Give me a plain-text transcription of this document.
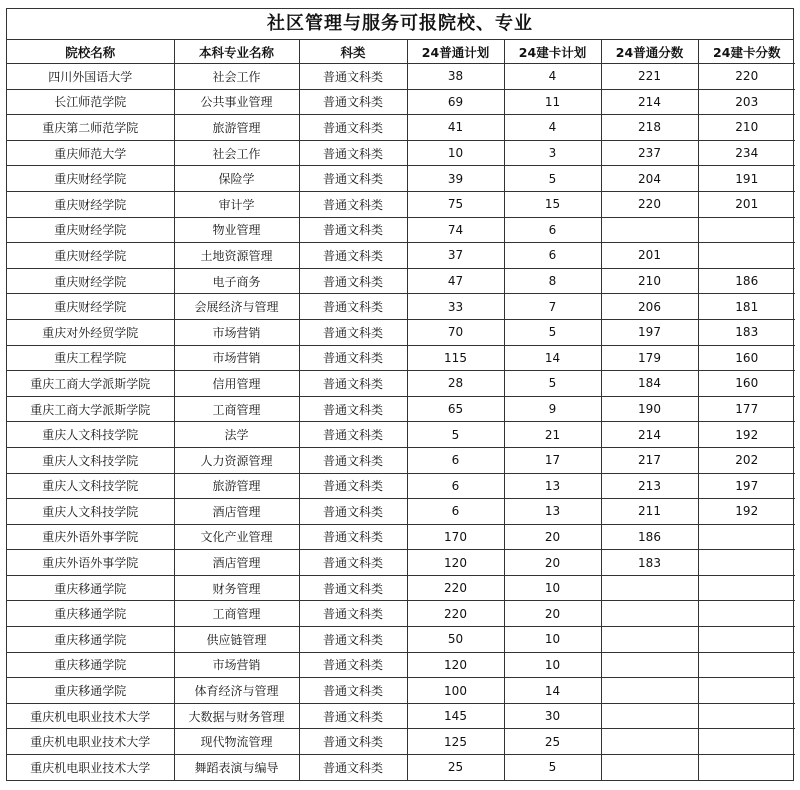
社区管理与服务可报院校、专业
院校名称	本科专业名称	科类	24普通计划	24建卡计划	24普通分数	24建卡分数
四川外国语大学	社会工作	普通文科类	38	4	221	220
长江师范学院	公共事业管理	普通文科类	69	11	214	203
重庆第二师范学院	旅游管理	普通文科类	41	4	218	210
重庆师范大学	社会工作	普通文科类	10	3	237	234
重庆财经学院	保险学	普通文科类	39	5	204	191
重庆财经学院	审计学	普通文科类	75	15	220	201
重庆财经学院	物业管理	普通文科类	74	6		
重庆财经学院	土地资源管理	普通文科类	37	6	201	
重庆财经学院	电子商务	普通文科类	47	8	210	186
重庆财经学院	会展经济与管理	普通文科类	33	7	206	181
重庆对外经贸学院	市场营销	普通文科类	70	5	197	183
重庆工程学院	市场营销	普通文科类	115	14	179	160
重庆工商大学派斯学院	信用管理	普通文科类	28	5	184	160
重庆工商大学派斯学院	工商管理	普通文科类	65	9	190	177
重庆人文科技学院	法学	普通文科类	5	21	214	192
重庆人文科技学院	人力资源管理	普通文科类	6	17	217	202
重庆人文科技学院	旅游管理	普通文科类	6	13	213	197
重庆人文科技学院	酒店管理	普通文科类	6	13	211	192
重庆外语外事学院	文化产业管理	普通文科类	170	20	186	
重庆外语外事学院	酒店管理	普通文科类	120	20	183	
重庆移通学院	财务管理	普通文科类	220	10		
重庆移通学院	工商管理	普通文科类	220	20		
重庆移通学院	供应链管理	普通文科类	50	10		
重庆移通学院	市场营销	普通文科类	120	10		
重庆移通学院	体育经济与管理	普通文科类	100	14		
重庆机电职业技术大学	大数据与财务管理	普通文科类	145	30		
重庆机电职业技术大学	现代物流管理	普通文科类	125	25		
重庆机电职业技术大学	舞蹈表演与编导	普通文科类	25	5		
